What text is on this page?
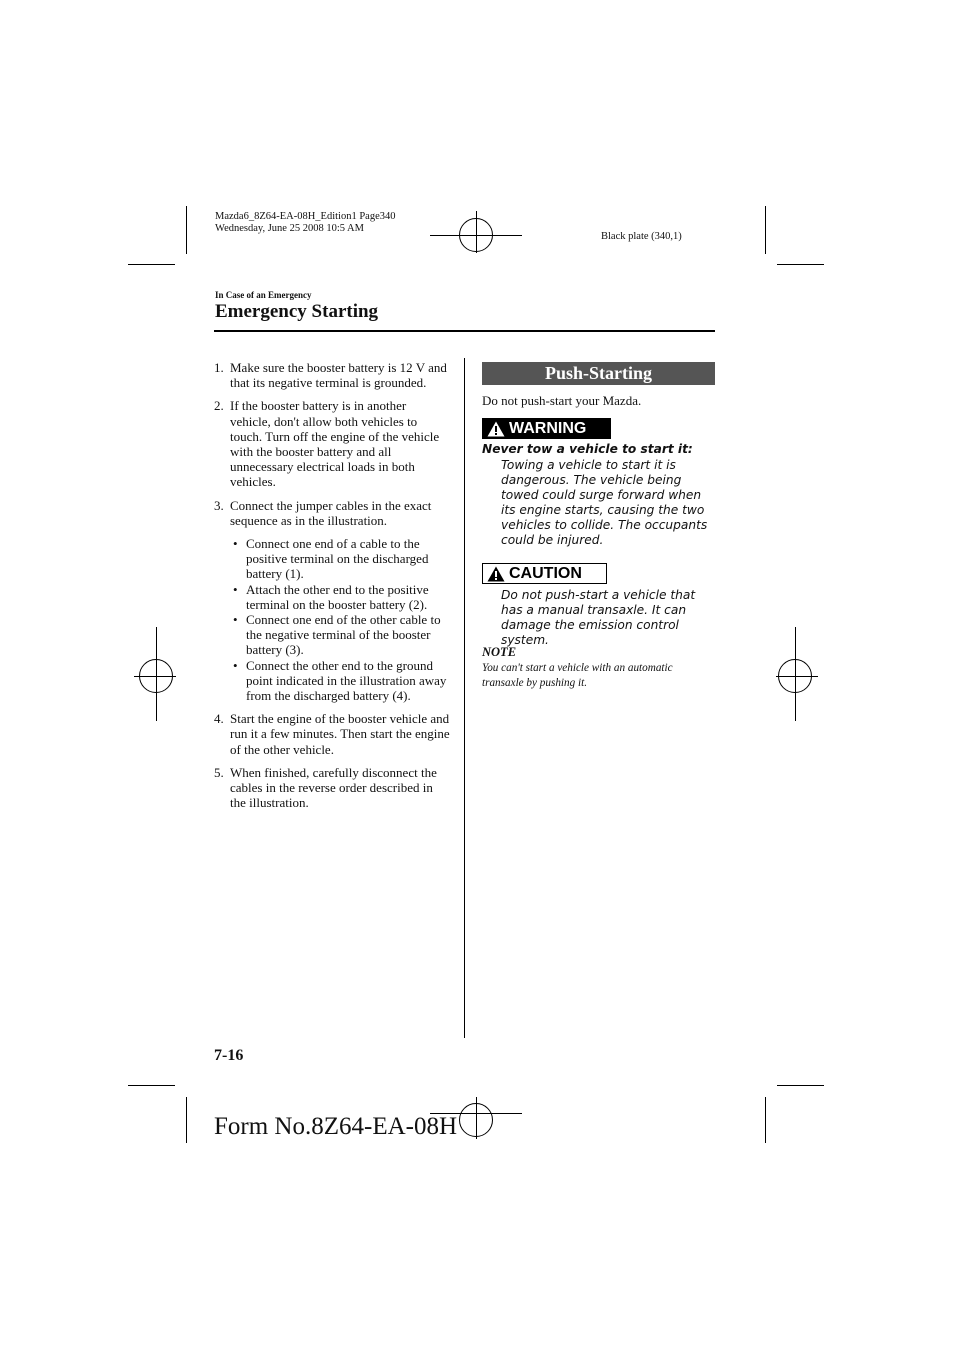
Mazda6_8Z64-EA-08H_Edition1 Page340
Wednesday, June 25 2008 10:5 AM
Black plate (340,1)
In Case of an Emergency
Emergency Starting
1. Make sure the booster battery is 12 V and that its negative terminal is grounded.
2. If the booster battery is in another vehicle, don't allow both vehicles to touch. Turn off the engine of the vehicle with the booster battery and all unnecessary electrical loads in both vehicles.
3. Connect the jumper cables in the exact sequence as in the illustration.
• Connect one end of a cable to the positive terminal on the discharged battery (1).
• Attach the other end to the positive terminal on the booster battery (2).
• Connect one end of the other cable to the negative terminal of the booster battery (3).
• Connect the other end to the ground point indicated in the illustration away from the discharged battery (4).
4. Start the engine of the booster vehicle and run it a few minutes. Then start the engine of the other vehicle.
5. When finished, carefully disconnect the cables in the reverse order described in the illustration.
Push-Starting
Do not push-start your Mazda.
WARNING
Never tow a vehicle to start it:
Towing a vehicle to start it is dangerous. The vehicle being towed could surge forward when its engine starts, causing the two vehicles to collide. The occupants could be injured.
CAUTION
Do not push-start a vehicle that has a manual transaxle. It can damage the emission control system.
NOTE
You can't start a vehicle with an automatic transaxle by pushing it.
7-16
Form No.8Z64-EA-08H
